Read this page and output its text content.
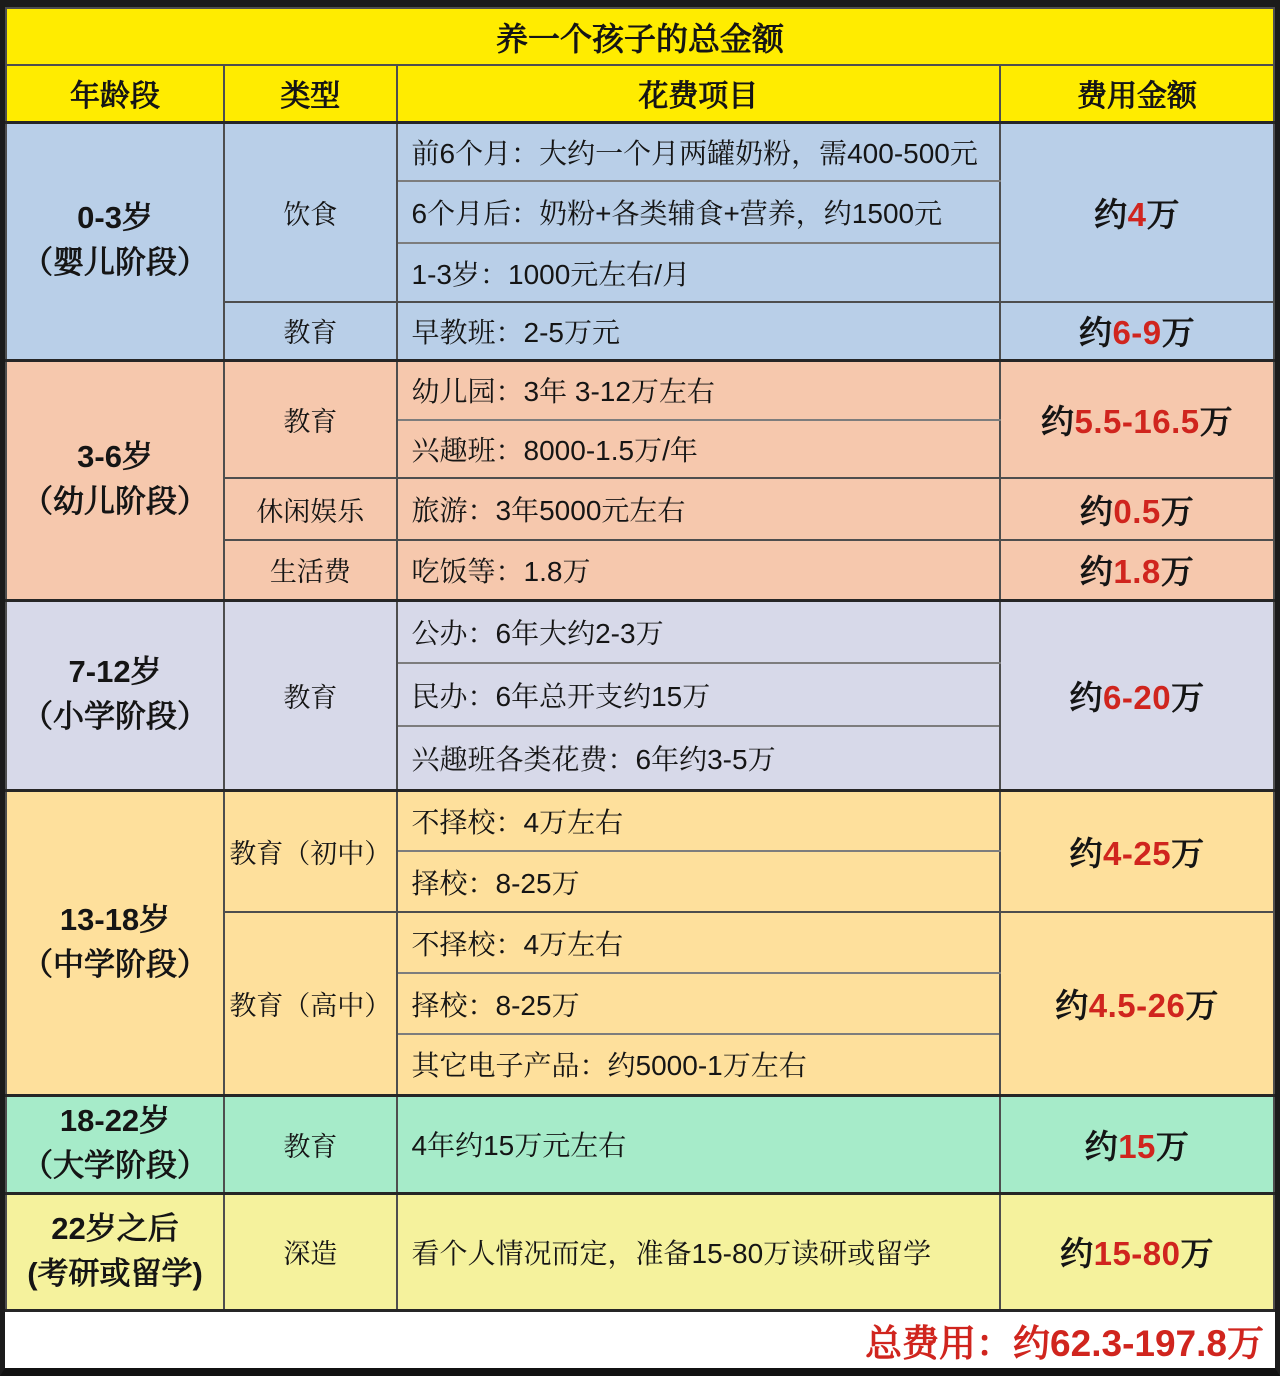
养一个孩子的总金额			
年龄段	类型	花费项目	费用金额

0-3岁
（婴儿阶段）	饮食	前6个月：大约一个月两罐奶粉，需400-500元	约4万
		6个月后：奶粉+各类辅食+营养，约1500元	
		1-3岁：1000元左右/月	
	教育	早教班：2-5万元	约6-9万

3-6岁
（幼儿阶段）	教育	幼儿园：3年 3-12万左右	约5.5-16.5万
		兴趣班：8000-1.5万/年	
	休闲娱乐	旅游：3年5000元左右	约0.5万
	生活费	吃饭等：1.8万	约1.8万

7-12岁
（小学阶段）	教育	公办：6年大约2-3万	约6-20万
		民办：6年总开支约15万	
		兴趣班各类花费：6年约3-5万	

13-18岁
（中学阶段）	教育（初中）	不择校：4万左右	约4-25万
		择校：8-25万	
	教育（高中）	不择校：4万左右	约4.5-26万
		择校：8-25万	
		其它电子产品：约5000-1万左右	

18-22岁
（大学阶段）	教育	4年约15万元左右	约15万

22岁之后
(考研或留学)	深造	看个人情况而定，准备15-80万读研或留学	约15-80万
总费用：约62.3-197.8万			
